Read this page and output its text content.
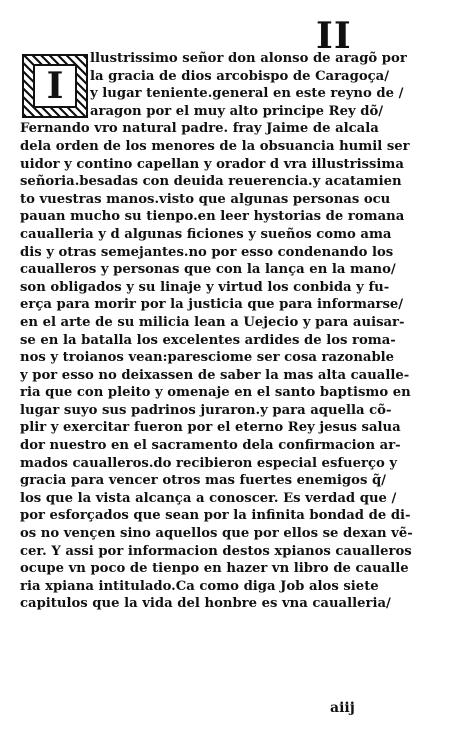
II
I
llustrissimo señor don alonso de aragõ por
la gracia de dios arcobispo de Caragoça/
y lugar teniente.general en este reyno de /
aragon por el muy alto principe Rey dõ/
Fernando vro natural padre. fray Jaime de alcala
dela orden de los menores de la obsuancia humil ser
uidor y contino capellan y orador d vra illustrissima
señoria.besadas con deuida reuerencia.y acatamien
to vuestras manos.visto que algunas personas ocu
pauan mucho su tienpo.en leer hystorias de romana
caualleria y d algunas ficiones y sueños como ama
dis y otras semejantes.no por esso condenando los
caualleros y personas que con la lança en la mano/
son obligados y su linaje y virtud los conbida y fu-
erça para morir por la justicia que para informarse/
en el arte de su milicia lean a Uejecio y para auisar-
se en la batalla los excelentes ardides de los roma-
nos y troianos vean:paresciome ser cosa razonable
y por esso no deixassen de saber la mas alta caualle-
ria que con pleito y omenaje en el santo baptismo en
lugar suyo sus padrinos juraron.y para aquella cõ-
plir y exercitar fueron por el eterno Rey jesus salua
dor nuestro en el sacramento dela confirmacion ar-
mados caualleros.do recibieron especial esfuerço y
gracia para vencer otros mas fuertes enemigos q̃/
los que la vista alcança a conoscer. Es verdad que /
por esforçados que sean por la infinita bondad de di-
os no vençen sino aquellos que por ellos se dexan vẽ-
cer. Y assi por informacion destos xpianos caualleros
ocupe vn poco de tienpo en hazer vn libro de caualle
ria xpiana intitulado.Ca como diga Job alos siete
capitulos que la vida del honbre es vna caualleria/
aiij
